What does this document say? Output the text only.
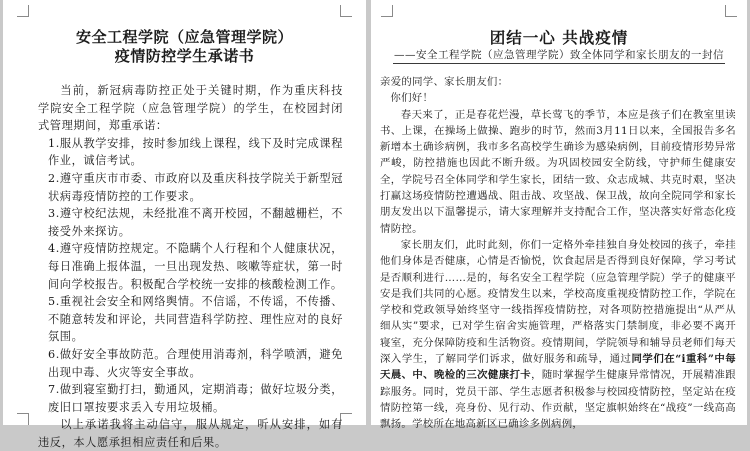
安全工程学院（应急管理学院）
疫情防控学生承诺书

当前，新冠病毒防控正处于关键时期，作为重庆科技学院安全工程学院（应急管理学院）的学生，在校园封闭式管理期间，郑重承诺：

1.服从教学安排，按时参加线上课程，线下及时完成课程作业，诚信考试。

2.遵守重庆市市委、市政府以及重庆科技学院关于新型冠状病毒疫情防控的工作要求。

3.遵守校纪法规，未经批准不离开校园，不翻越栅栏，不接受外来探访。

4.遵守疫情防控规定。不隐瞒个人行程和个人健康状况，每日准确上报体温，一旦出现发热、咳嗽等症状，第一时间向学校报告。积极配合学校统一安排的核酸检测工作。

5.重视社会安全和网络舆情。不信谣，不传谣，不传播、不随意转发和评论，共同营造科学防控、理性应对的良好氛围。

6.做好安全事故防范。合理使用消毒剂，科学喷洒，避免出现中毒、火灾等安全事故。

7.做到寝室勤打扫，勤通风，定期消毒；做好垃圾分类，废旧口罩按要求丢入专用垃圾桶。

以上承诺我将主动信守，服从规定，听从安排，如有违反，本人愿承担相应责任和后果。

团结一心 共战疫情
——安全工程学院（应急管理学院）致全体同学和家长朋友的一封信

亲爱的同学、家长朋友们：

你们好！

春天来了，正是春花烂漫，草长莺飞的季节，本应是孩子们在教室里读书、上课，在操场上做操、跑步的时节，然而3月11日以来，全国报告多名新增本土确诊病例，我市多名高校学生确诊为感染病例，目前疫情形势异常严峻，防控措施也因此不断升级。为巩固校园安全防线，守护师生健康安全，学院号召全体同学和学生家长，团结一致、众志成城、共克时艰，坚决打赢这场疫情防控遭遇战、阻击战、攻坚战、保卫战，故向全院同学和家长朋友发出以下温馨提示，请大家理解并支持配合工作，坚决落实好常态化疫情防控。

家长朋友们，此时此刻，你们一定格外牵挂独自身处校园的孩子，牵挂他们身体是否健康，心情是否愉悦，饮食起居是否得到良好保障，学习考试是否顺利进行……是的，每名安全工程学院（应急管理学院）学子的健康平安是我们共同的心愿。疫情发生以来，学校高度重视疫情防控工作，学院在学校和党政领导始终坚守一线指挥疫情防控，对各项防控措施提出“从严从细从实”要求，已对学生宿舍实施管理，严格落实门禁制度，非必要不离开寝室，充分保障防疫和生活物资。疫情期间，学院领导和辅导员老师们每天深入学生，了解同学们诉求，做好服务和疏导，通过同学们在“i重科”中每天晨、中、晚检的三次健康打卡，随时掌握学生健康异常情况，开展精准跟踪服务。同时，党员干部、学生志愿者积极参与校园疫情防控，坚定站在疫情防控第一线，亮身份、见行动、作贡献，坚定旗帜始终在“战疫”一线高高飘扬。学校所在地高新区已确诊多例病例，
